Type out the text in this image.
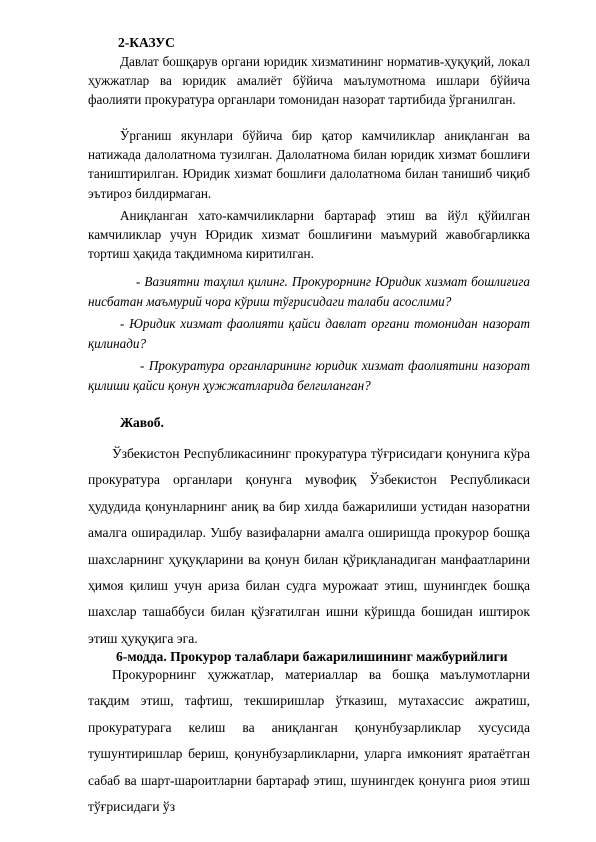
2-КАЗУС

Давлат бошқарув органи юридик хизматининг норматив-ҳуқуқий, локал ҳужжатлар ва юридик амалиёт бўйича маълумотнома ишлари бўйича фаолияти прокуратура органлари томонидан назорат тартибида ўрганилган.

Ўрганиш якунлари бўйича бир қатор камчиликлар аниқланган ва натижада далолатнома тузилган. Далолатнома билан юридик хизмат бошлиғи таништирилган. Юридик хизмат бошлиғи далолатнома билан танишиб чиқиб эътироз билдирмаган.

Аниқланган хато-камчиликларни бартараф этиш ва йўл қўйилган камчиликлар учун Юридик хизмат бошлиғини маъмурий жавобгарликка тортиш ҳақида тақдимнома киритилган.

- Вазиятни таҳлил қилинг. Прокурорнинг Юридик хизмат бошлиғига нисбатан маъмурий чора кўриш тўғрисидаги талаби асослими?

- Юридик хизмат фаолияти қайси давлат органи томонидан назорат қилинади?

- Прокуратура органларининг юридик хизмат фаолиятини назорат қилиши қайси қонун ҳужжатларида белгиланган?

Жавоб.

Ўзбекистон Республикасининг прокуратура тўғрисидаги қонунига кўра прокуратура органлари қонунга мувофиқ Ўзбекистон Республикаси ҳудудида қонунларнинг аниқ ва бир хилда бажарилиши устидан назоратни амалга оширадилар. Ушбу вазифаларни амалга оширишда прокурор бошқа шахсларнинг ҳуқуқларини ва қонун билан қўриқланадиган манфаатларини ҳимоя қилиш учун ариза билан судга мурожаат этиш, шунингдек бошқа шахслар ташаббуси билан қўзғатилган ишни кўришда бошидан иштирок этиш ҳуқуқига эга.

6-модда. Прокурор талаблари бажарилишининг мажбурийлиги

Прокурорнинг ҳужжатлар, материаллар ва бошқа маълумотларни тақдим этиш, тафтиш, текширишлар ўтказиш, мутахассис ажратиш, прокуратурага келиш ва аниқланган қонунбузарликлар хусусида тушунтиришлар бериш, қонунбузарликларни, уларга имконият яратаётган сабаб ва шарт-шароитларни бартараф этиш, шунингдек қонунга риоя этиш тўғрисидаги ўз
